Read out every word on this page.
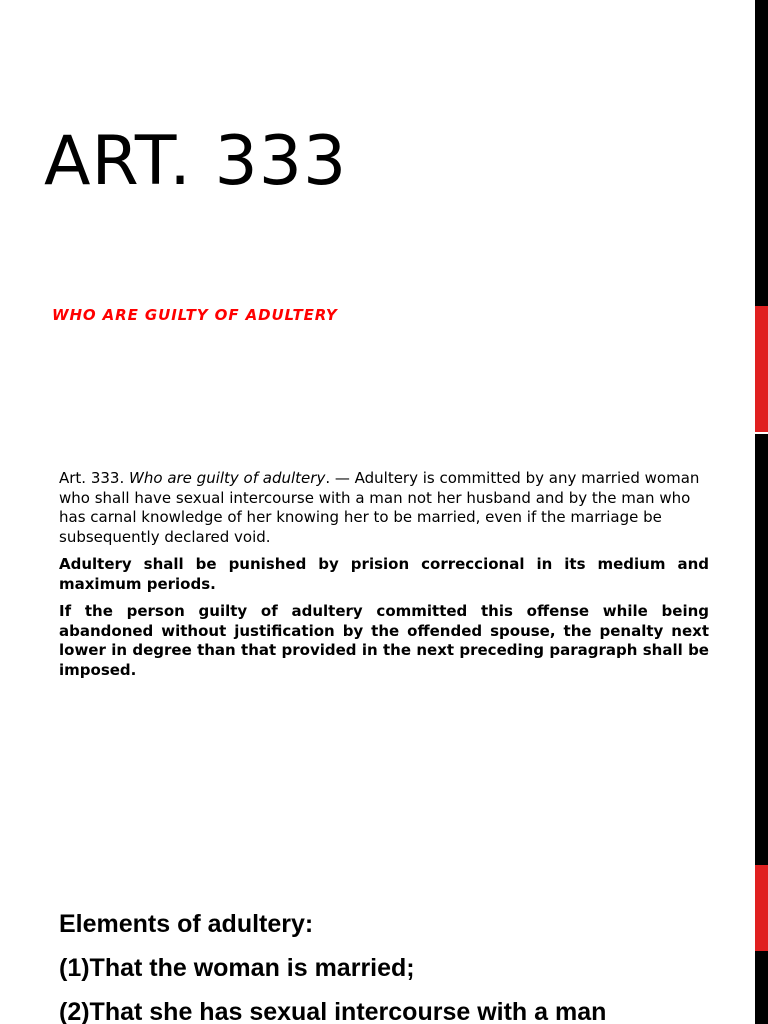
ART. 333
WHO ARE GUILTY OF ADULTERY

Art. 333. Who are guilty of adultery. — Adultery is committed by any married woman who shall have sexual intercourse with a man not her husband and by the man who has carnal knowledge of her knowing her to be married, even if the marriage be subsequently declared void.

Adultery shall be punished by prision correccional in its medium and maximum periods.

If the person guilty of adultery committed this offense while being abandoned without justification by the offended spouse, the penalty next lower in degree than that provided in the next preceding paragraph shall be imposed.

Elements of adultery:
(1)That the woman is married;
(2)That she has sexual intercourse with a man
